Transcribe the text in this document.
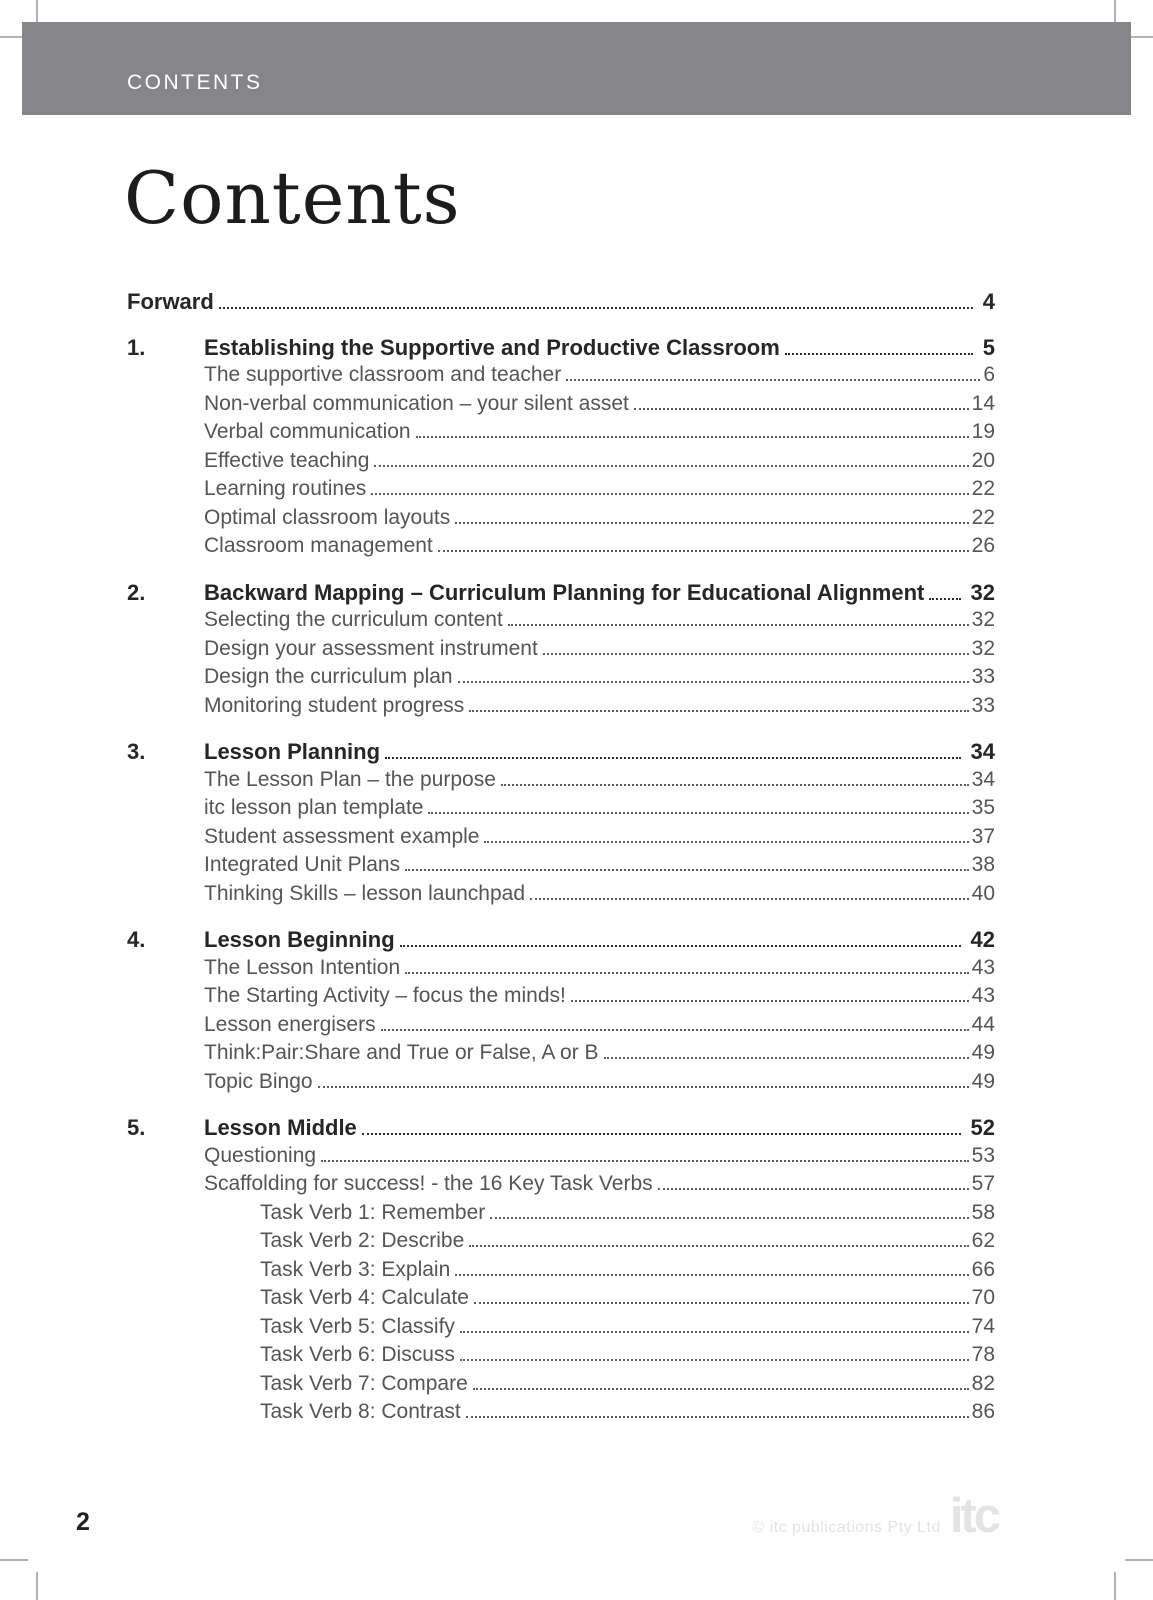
CONTENTS
Contents
Forward	4
1.	Establishing the Supportive and Productive Classroom	5
The supportive classroom and teacher	6
Non-verbal communication – your silent asset	14
Verbal communication	19
Effective teaching	20
Learning routines	22
Optimal classroom layouts	22
Classroom management	26
2.	Backward Mapping – Curriculum Planning for Educational Alignment 32
Selecting the curriculum content	32
Design your assessment instrument	32
Design the curriculum plan	33
Monitoring student progress	33
3.	Lesson Planning	34
The Lesson Plan – the purpose	34
itc lesson plan template	35
Student assessment example	37
Integrated Unit Plans	38
Thinking Skills – lesson launchpad	40
4.	Lesson Beginning	42
The Lesson Intention	43
The Starting Activity – focus the minds!	43
Lesson energisers	44
Think:Pair:Share and True or False, A or B	49
Topic Bingo	49
5.	Lesson Middle	52
Questioning	53
Scaffolding for success! - the 16 Key Task Verbs	57
Task Verb 1: Remember	58
Task Verb 2: Describe	62
Task Verb 3: Explain	66
Task Verb 4: Calculate	70
Task Verb 5: Classify	74
Task Verb 6: Discuss	78
Task Verb 7: Compare	82
Task Verb 8: Contrast	86
2	© itc publications Pty Ltd itc
